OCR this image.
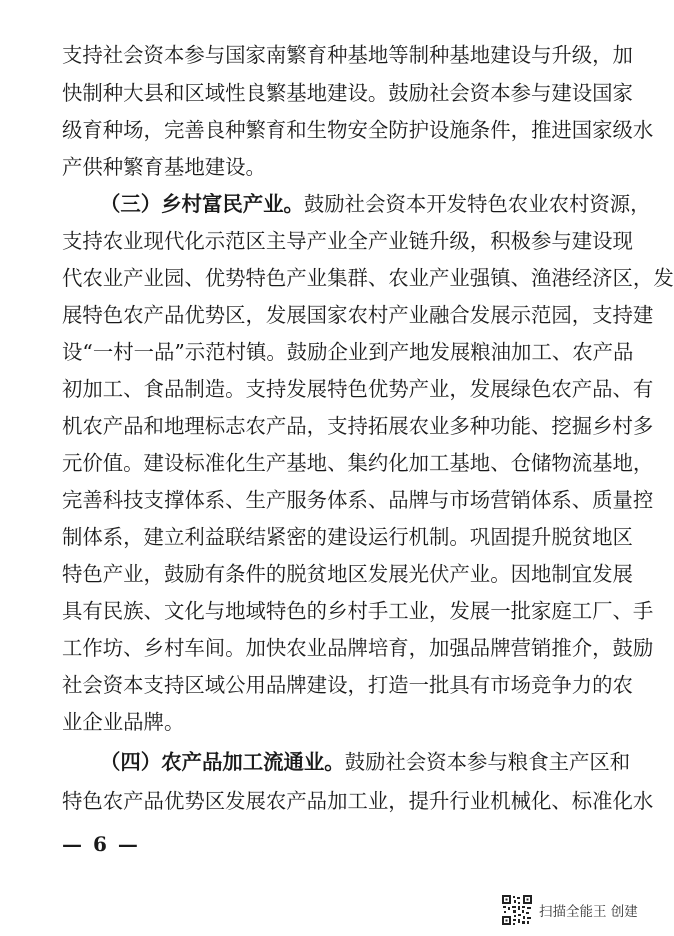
支持社会资本参与国家南繁育种基地等制种基地建设与升级，加
快制种大县和区域性良繁基地建设。鼓励社会资本参与建设国家
级育种场，完善良种繁育和生物安全防护设施条件，推进国家级水
产供种繁育基地建设。
（三）乡村富民产业。鼓励社会资本开发特色农业农村资源，
支持农业现代化示范区主导产业全产业链升级，积极参与建设现
代农业产业园、优势特色产业集群、农业产业强镇、渔港经济区，发
展特色农产品优势区，发展国家农村产业融合发展示范园，支持建
设“一村一品”示范村镇。鼓励企业到产地发展粮油加工、农产品
初加工、食品制造。支持发展特色优势产业，发展绿色农产品、有
机农产品和地理标志农产品，支持拓展农业多种功能、挖掘乡村多
元价值。建设标准化生产基地、集约化加工基地、仓储物流基地，
完善科技支撑体系、生产服务体系、品牌与市场营销体系、质量控
制体系，建立利益联结紧密的建设运行机制。巩固提升脱贫地区
特色产业，鼓励有条件的脱贫地区发展光伏产业。因地制宜发展
具有民族、文化与地域特色的乡村手工业，发展一批家庭工厂、手
工作坊、乡村车间。加快农业品牌培育，加强品牌营销推介，鼓励
社会资本支持区域公用品牌建设，打造一批具有市场竞争力的农
业企业品牌。
（四）农产品加工流通业。鼓励社会资本参与粮食主产区和
特色农产品优势区发展农产品加工业，提升行业机械化、标准化水
— 6 —
扫描全能王 创建
